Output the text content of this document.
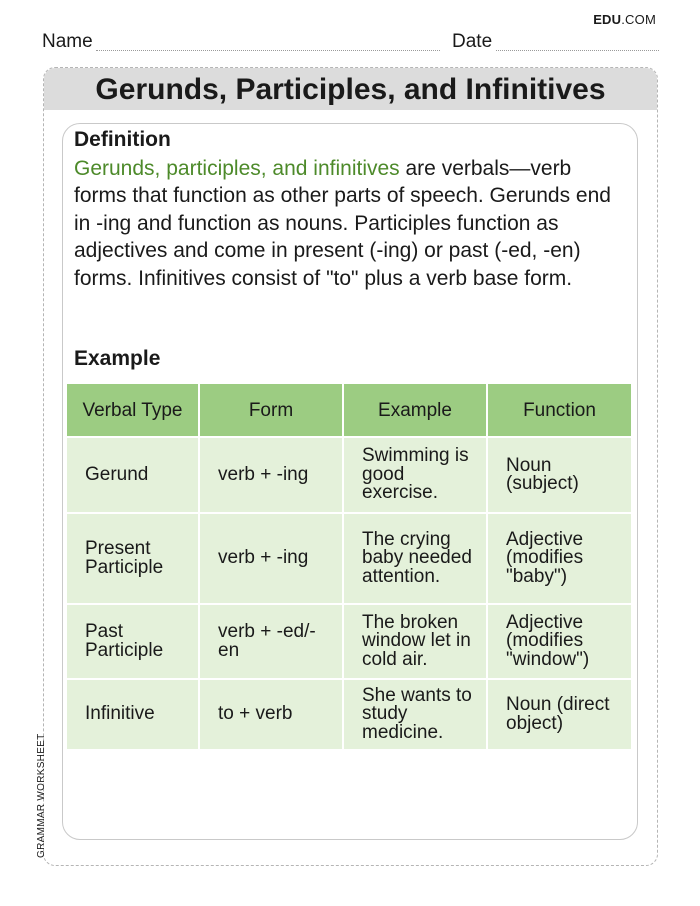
EDU.COM
Name	Date
Gerunds, Participles, and Infinitives
Definition
Gerunds, participles, and infinitives are verbals—verb forms that function as other parts of speech. Gerunds end in -ing and function as nouns. Participles function as adjectives and come in present (-ing) or past (-ed, -en) forms. Infinitives consist of "to" plus a verb base form.
Example
Verbal Type	Form	Example	Function
Gerund	verb + -ing	Swimming is good exercise.	Noun (subject)
Present Participle	verb + -ing	The crying baby needed attention.	Adjective (modifies "baby")
Past Participle	verb + -ed/-en	The broken window let in cold air.	Adjective (modifies "window")
Infinitive	to + verb	She wants to study medicine.	Noun (direct object)
GRAMMAR WORKSHEET
